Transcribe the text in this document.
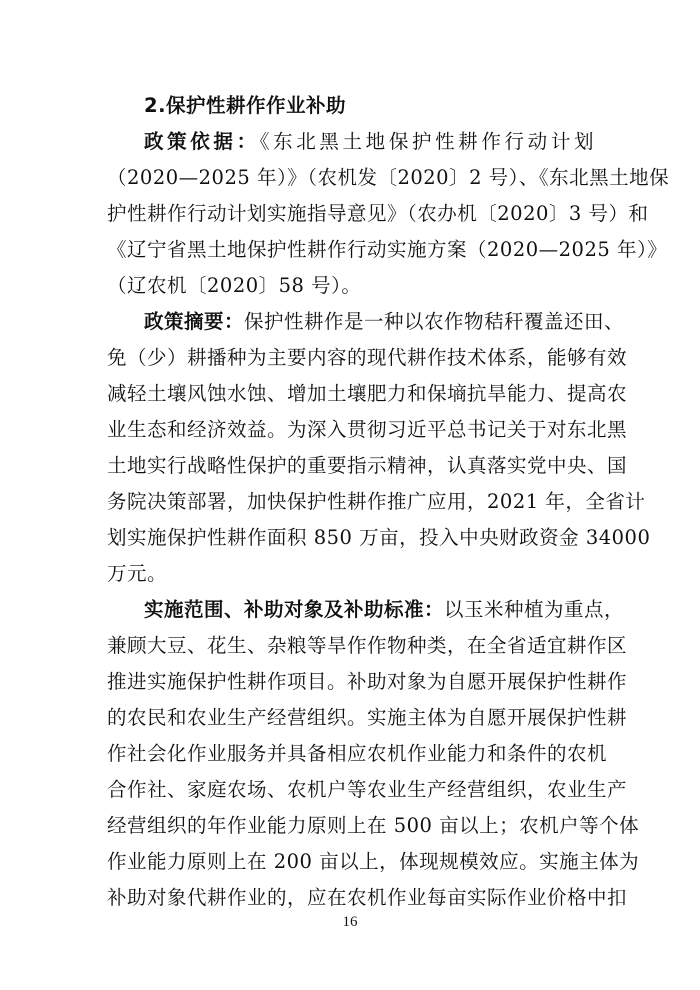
2.保护性耕作作业补助
政策依据：《东北黑土地保护性耕作行动计划
（2020—2025 年）》（农机发〔2020〕2 号）、《东北黑土地保
护性耕作行动计划实施指导意见》（农办机〔2020〕3 号）和
《辽宁省黑土地保护性耕作行动实施方案（2020—2025 年）》
（辽农机〔2020〕58 号）。
政策摘要：保护性耕作是一种以农作物秸秆覆盖还田、
免（少）耕播种为主要内容的现代耕作技术体系，能够有效
减轻土壤风蚀水蚀、增加土壤肥力和保墒抗旱能力、提高农
业生态和经济效益。为深入贯彻习近平总书记关于对东北黑
土地实行战略性保护的重要指示精神，认真落实党中央、国
务院决策部署，加快保护性耕作推广应用，2021 年，全省计
划实施保护性耕作面积 850 万亩，投入中央财政资金 34000
万元。
实施范围、补助对象及补助标准：以玉米种植为重点，
兼顾大豆、花生、杂粮等旱作作物种类，在全省适宜耕作区
推进实施保护性耕作项目。补助对象为自愿开展保护性耕作
的农民和农业生产经营组织。实施主体为自愿开展保护性耕
作社会化作业服务并具备相应农机作业能力和条件的农机
合作社、家庭农场、农机户等农业生产经营组织，农业生产
经营组织的年作业能力原则上在 500 亩以上；农机户等个体
作业能力原则上在 200 亩以上，体现规模效应。实施主体为
补助对象代耕作业的，应在农机作业每亩实际作业价格中扣
16
